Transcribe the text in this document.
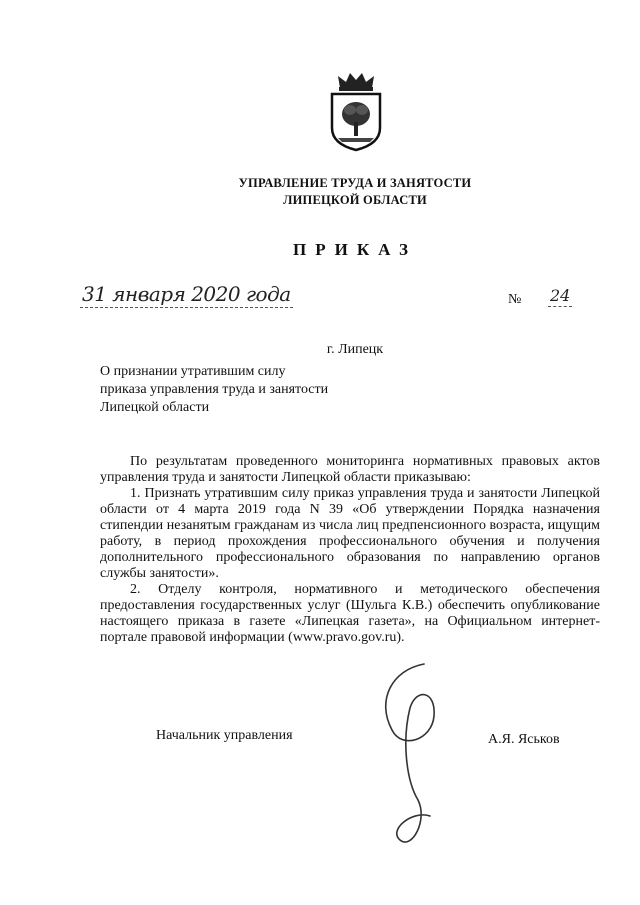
УПРАВЛЕНИЕ ТРУДА И ЗАНЯТОСТИ
ЛИПЕЦКОЙ ОБЛАСТИ
ПРИКАЗ
31 января 2020 года	№ 24
г. Липецк
О признании утратившим силу
приказа управления труда и занятости
Липецкой области

По результатам проведенного мониторинга нормативных правовых актов управления труда и занятости Липецкой области приказываю:

1. Признать утратившим силу приказ управления труда и занятости Липецкой области от 4 марта 2019 года N 39 «Об утверждении Порядка назначения стипендии незанятым гражданам из числа лиц предпенсионного возраста, ищущим работу, в период прохождения профессионального обучения и получения дополнительного профессионального образования по направлению органов службы занятости».

2. Отделу контроля, нормативного и методического обеспечения предоставления государственных услуг (Шульга К.В.) обеспечить опубликование настоящего приказа в газете «Липецкая газета», на Официальном интернет-портале правовой информации (www.pravo.gov.ru).

Начальник управления	А.Я. Яськов
